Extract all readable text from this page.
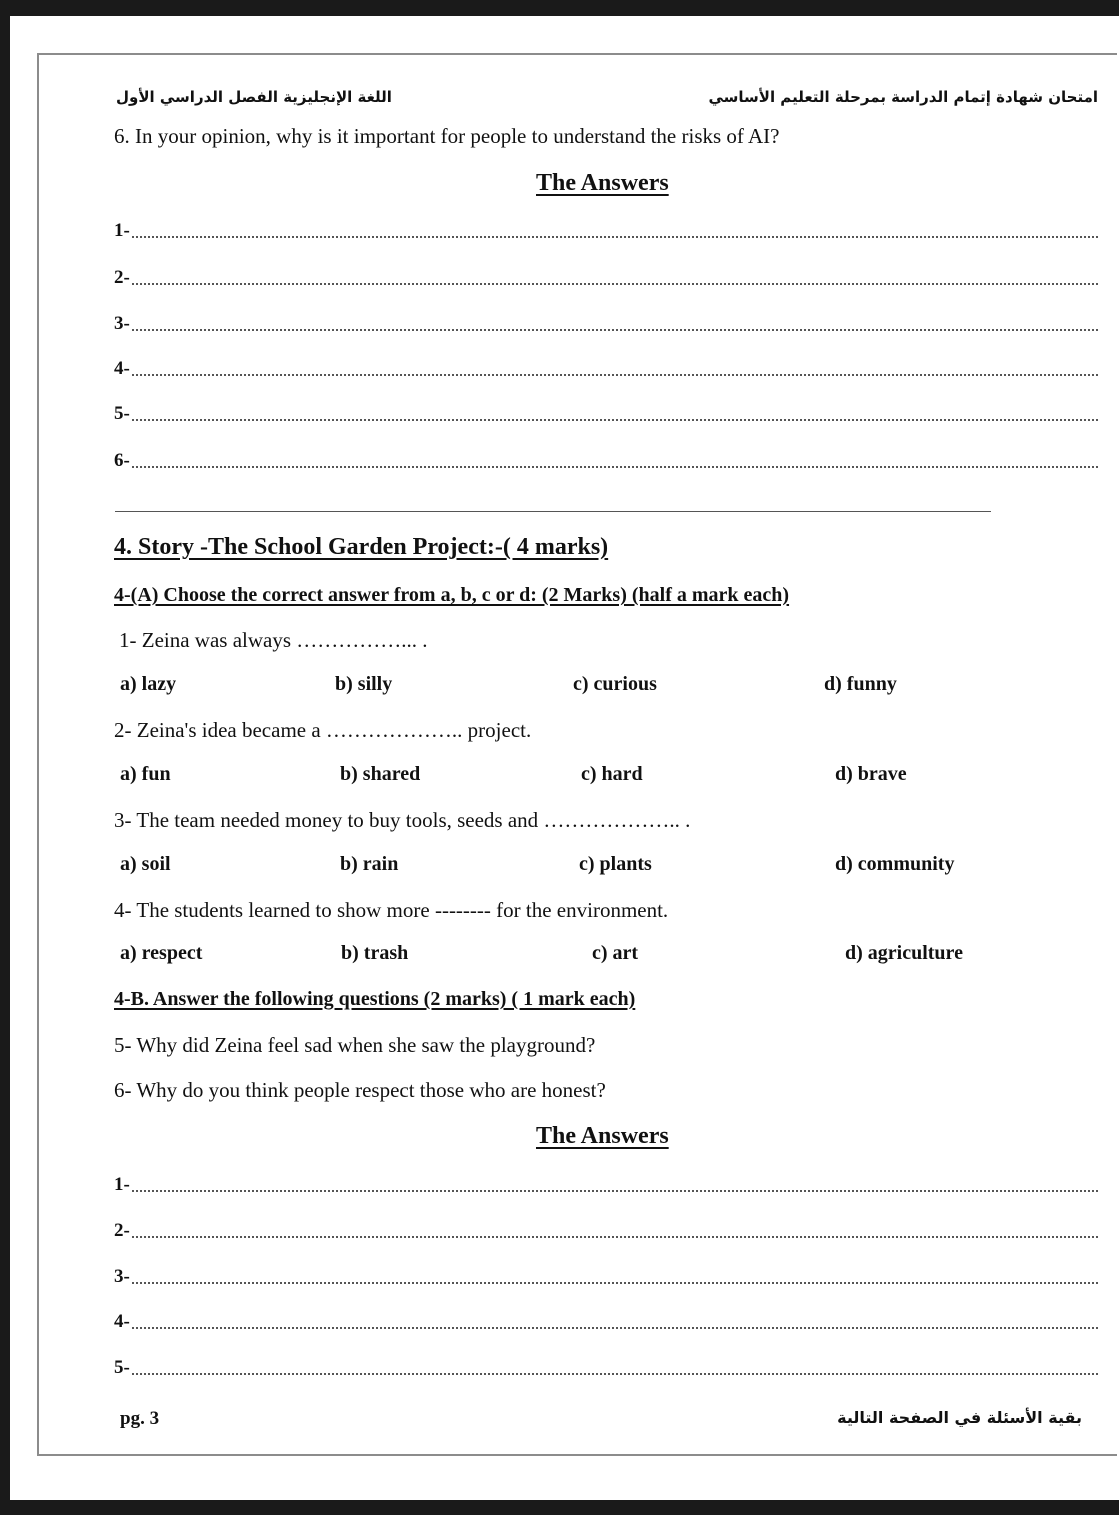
اللغة الإنجليزية الفصل الدراسي الأول	امتحان شهادة إتمام الدراسة بمرحلة التعليم الأساسي
6. In your opinion, why is it important for people to understand the risks of AI?
The Answers
1-
2-
3-
4-
5-
6-
4. Story -The School Garden Project:-( 4 marks)
4-(A) Choose the correct answer from a, b, c or d: (2 Marks) (half a mark each)
1- Zeina was always ……………... .
a) lazy	b) silly	c) curious	d) funny
2- Zeina's idea became a ……………….. project.
a) fun	b) shared	c) hard	d) brave
3- The team needed money to buy tools, seeds and ……………….. .
a) soil	b) rain	c) plants	d) community
4- The students learned to show more -------- for the environment.
a) respect	b) trash	c) art	d) agriculture
4-B. Answer the following questions (2 marks) ( 1 mark each)
5- Why did Zeina feel sad when she saw the playground?
6- Why do you think people respect those who are honest?
The Answers
1-
2-
3-
4-
5-
pg. 3	بقية الأسئلة في الصفحة التالية
